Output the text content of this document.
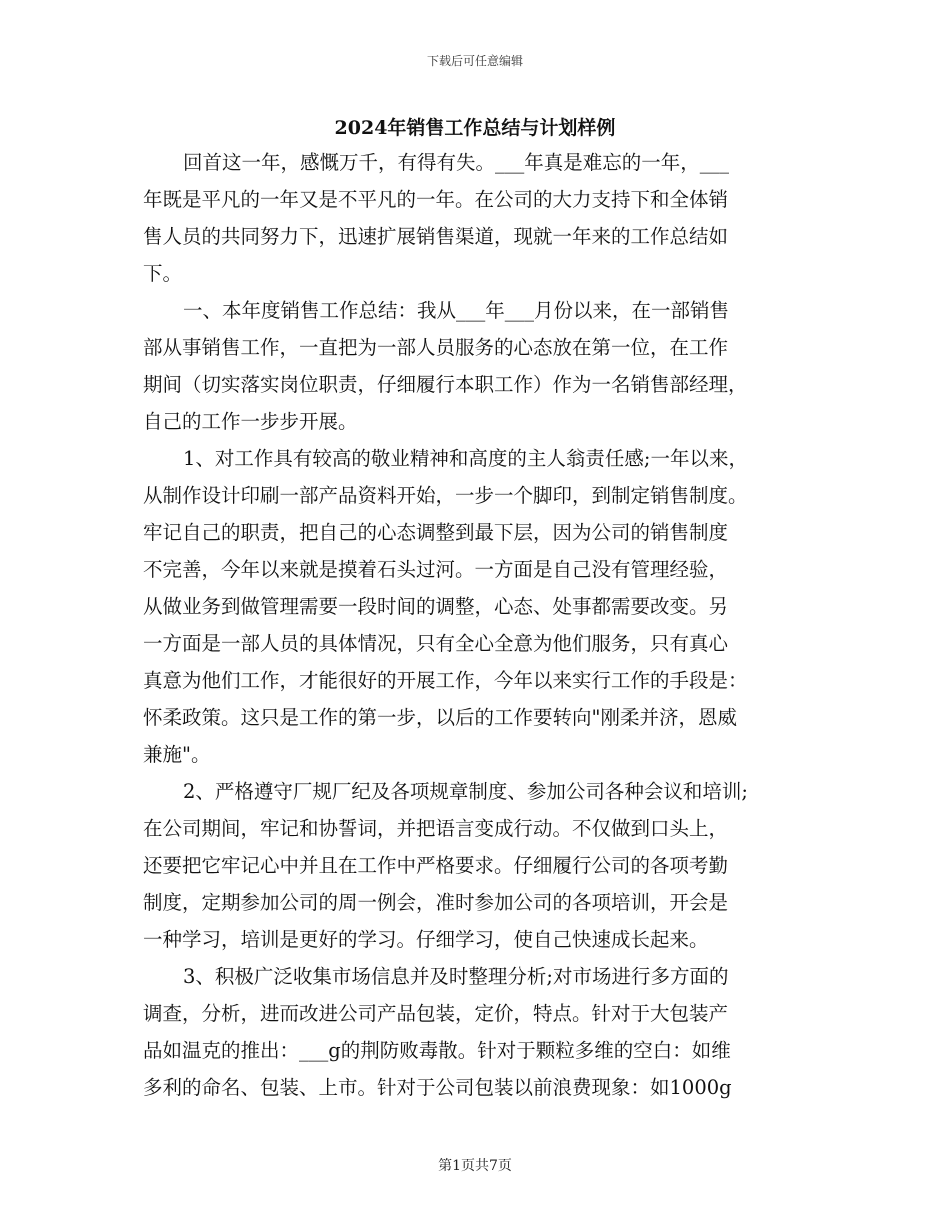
下载后可任意编辑
2024年销售工作总结与计划样例
回首这一年，感慨万千，有得有失。___年真是难忘的一年，___
年既是平凡的一年又是不平凡的一年。在公司的大力支持下和全体销
售人员的共同努力下，迅速扩展销售渠道，现就一年来的工作总结如
下。
一、本年度销售工作总结：我从___年___月份以来，在一部销售
部从事销售工作，一直把为一部人员服务的心态放在第一位，在工作
期间（切实落实岗位职责，仔细履行本职工作）作为一名销售部经理，
自己的工作一步步开展。
1、对工作具有较高的敬业精神和高度的主人翁责任感;一年以来，
从制作设计印刷一部产品资料开始，一步一个脚印，到制定销售制度。
牢记自己的职责，把自己的心态调整到最下层，因为公司的销售制度
不完善，今年以来就是摸着石头过河。一方面是自己没有管理经验，
从做业务到做管理需要一段时间的调整，心态、处事都需要改变。另
一方面是一部人员的具体情况，只有全心全意为他们服务，只有真心
真意为他们工作，才能很好的开展工作，今年以来实行工作的手段是：
怀柔政策。这只是工作的第一步，以后的工作要转向"刚柔并济，恩威
兼施"。
2、严格遵守厂规厂纪及各项规章制度、参加公司各种会议和培训;
在公司期间，牢记和协誓词，并把语言变成行动。不仅做到口头上，
还要把它牢记心中并且在工作中严格要求。仔细履行公司的各项考勤
制度，定期参加公司的周一例会，准时参加公司的各项培训，开会是
一种学习，培训是更好的学习。仔细学习，使自己快速成长起来。
3、积极广泛收集市场信息并及时整理分析;对市场进行多方面的
调查，分析，进而改进公司产品包装，定价，特点。针对于大包装产
品如温克的推出：___g的荆防败毒散。针对于颗粒多维的空白：如维
多利的命名、包装、上市。针对于公司包装以前浪费现象：如1000g
第1页共7页
